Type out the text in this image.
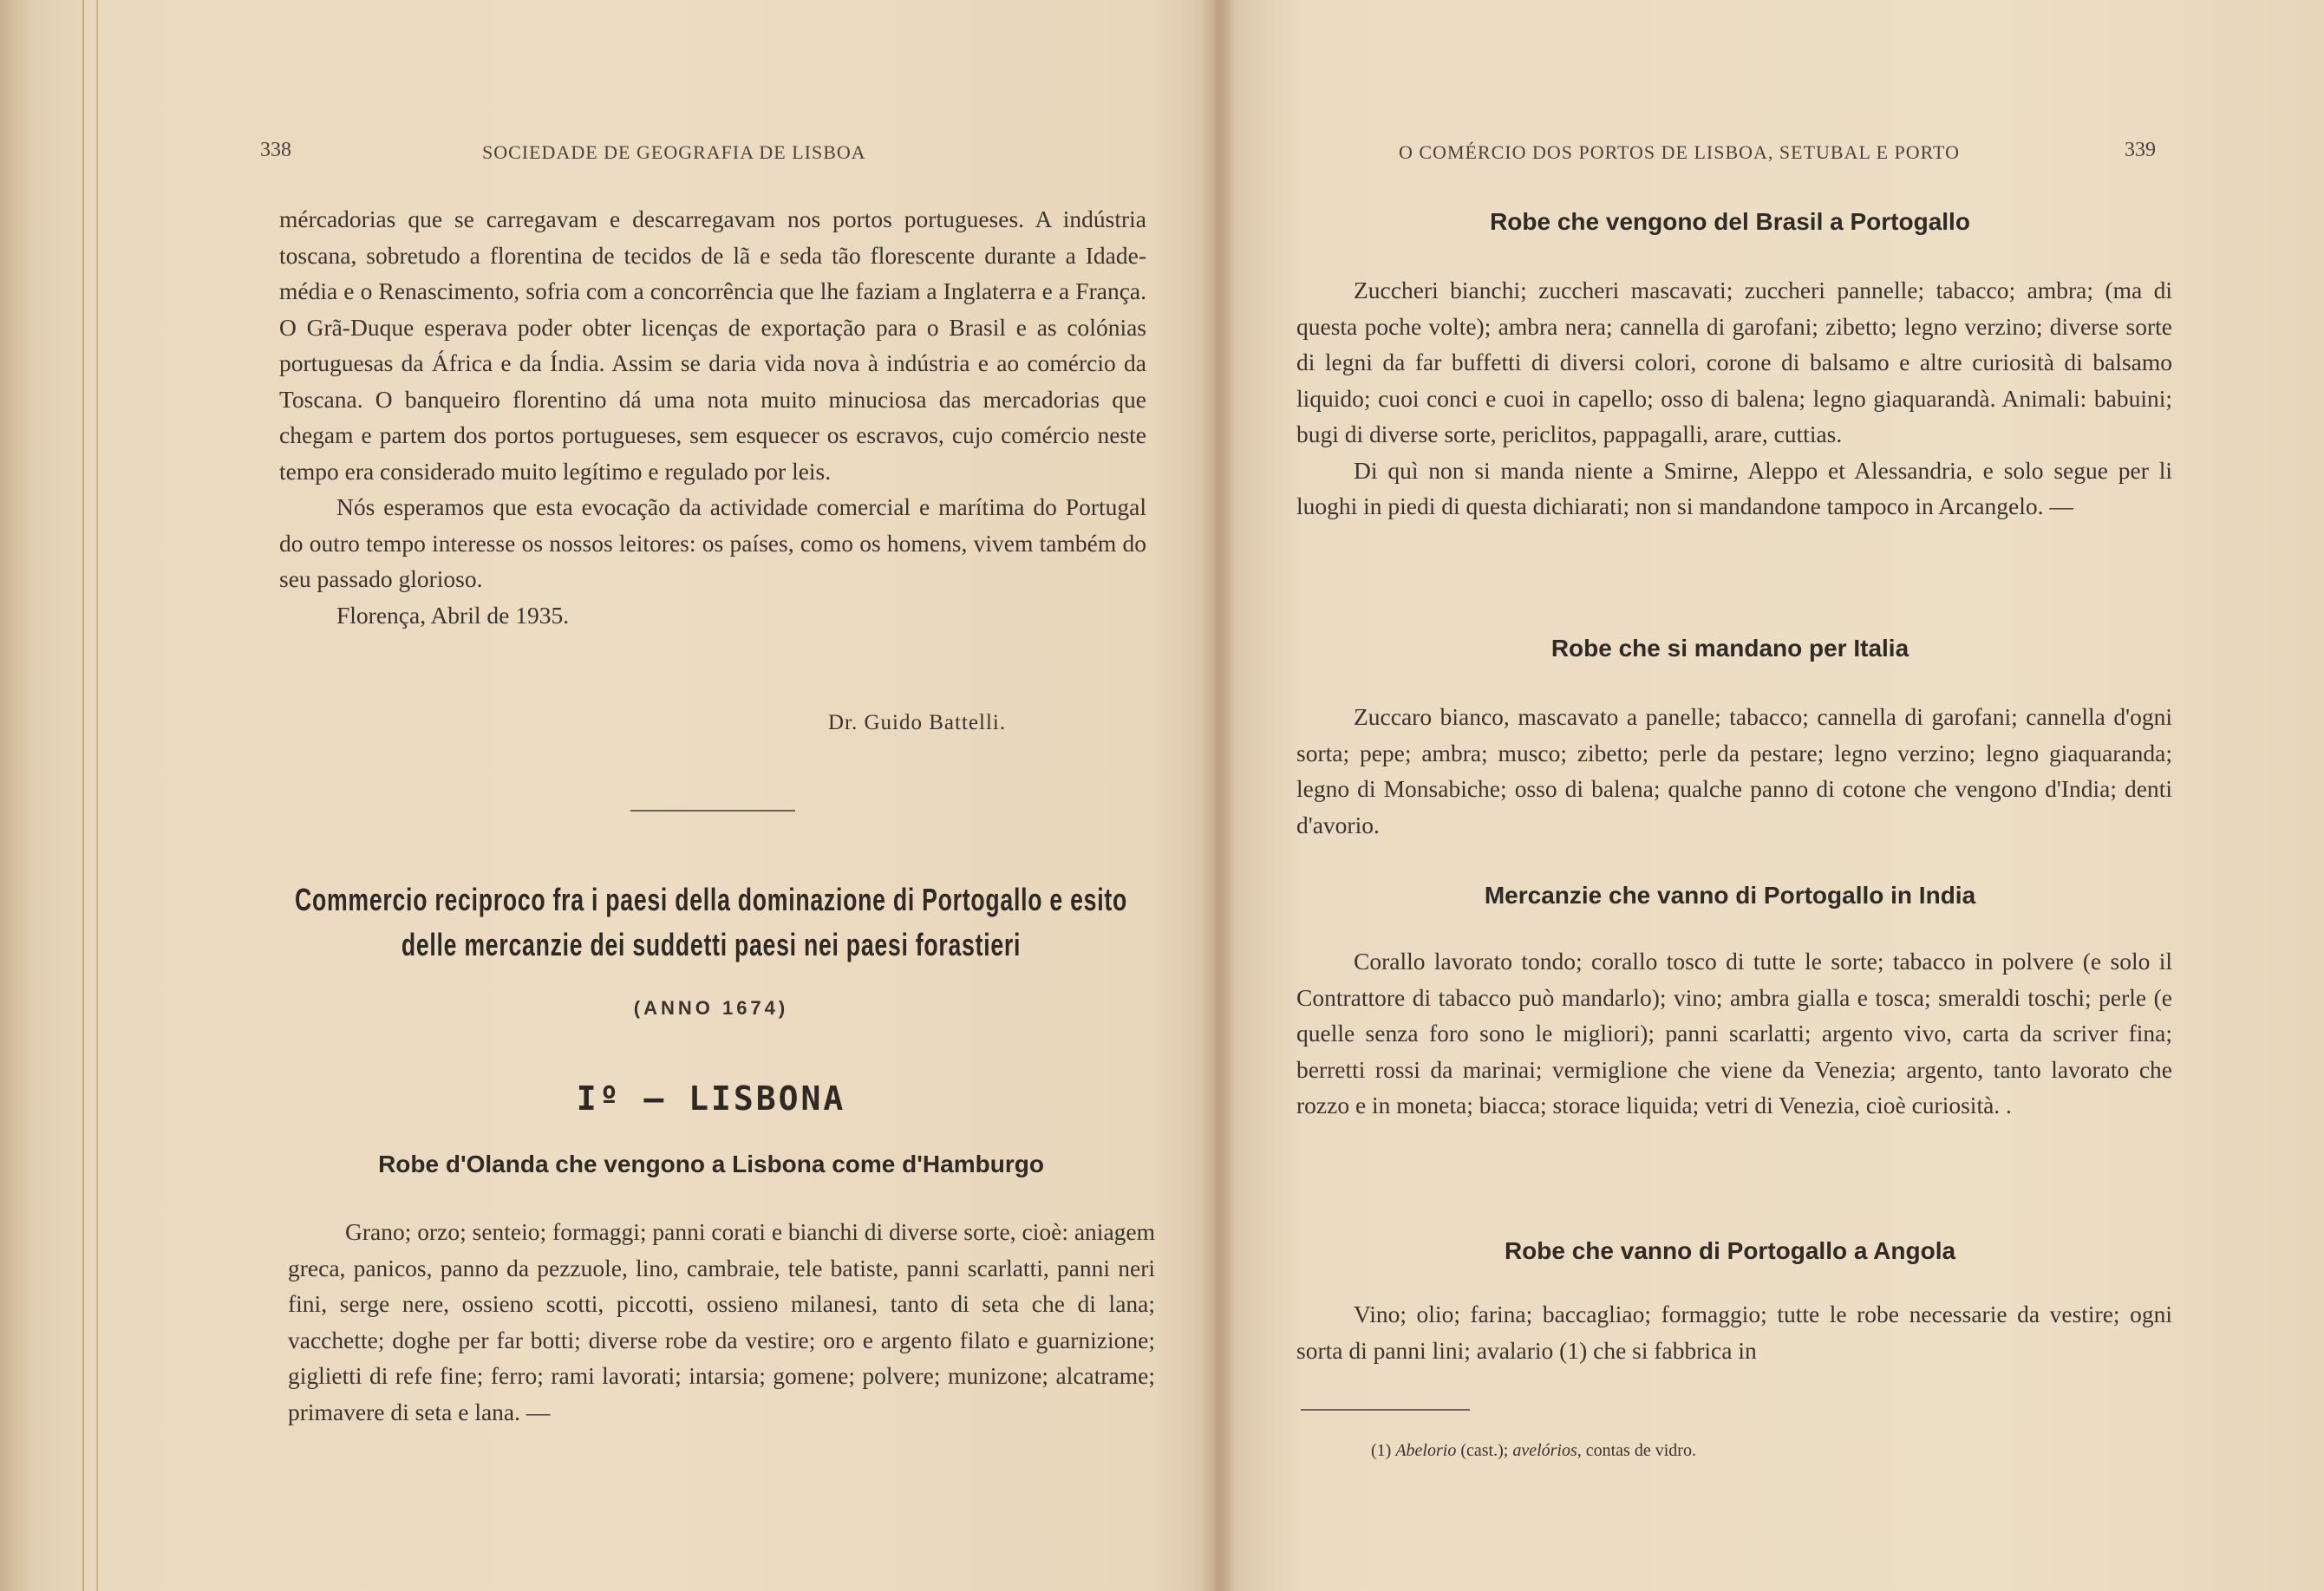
338	SOCIEDADE DE GEOGRAFIA DE LISBOA

mércadorias que se carregavam e descarregavam nos portos portugueses. A indústria toscana, sobretudo a florentina de tecidos de lã e seda tão florescente durante a Idade-média e o Renascimento, sofria com a concorrência que lhe faziam a Inglaterra e a França. O Grã-Duque esperava poder obter licenças de exportação para o Brasil e as colónias portuguesas da África e da Índia. Assim se daria vida nova à indústria e ao comércio da Toscana. O banqueiro florentino dá uma nota muito minuciosa das mercadorias que chegam e partem dos portos portugueses, sem esquecer os escravos, cujo comércio neste tempo era considerado muito legítimo e regulado por leis.

Nós esperamos que esta evocação da actividade comercial e marítima do Portugal do outro tempo interesse os nossos leitores: os países, como os homens, vivem também do seu passado glorioso.

Florença, Abril de 1935.

Dr. Guido Battelli.
Commercio reciproco fra i paesi della dominazione di Portogallo e esito
delle mercanzie dei suddetti paesi nei paesi forastieri
(ANNO 1674)
Iº — LISBONA
Robe d'Olanda che vengono a Lisbona come d'Hamburgo

Grano; orzo; senteio; formaggi; panni corati e bianchi di diverse sorte, cioè: aniagem greca, panicos, panno da pezzuole, lino, cambraie, tele batiste, panni scarlatti, panni neri fini, serge nere, ossieno scotti, piccotti, ossieno milanesi, tanto di seta che di lana; vacchette; doghe per far botti; diverse robe da vestire; oro e argento filato e guarnizione; giglietti di refe fine; ferro; rami lavorati; intarsia; gomene; polvere; munizone; alcatrame; primavere di seta e lana. —

O COMÉRCIO DOS PORTOS DE LISBOA, SETUBAL E PORTO	339
Robe che vengono del Brasil a Portogallo

Zuccheri bianchi; zuccheri mascavati; zuccheri pannelle; tabacco; ambra; (ma di questa poche volte); ambra nera; cannella di garofani; zibetto; legno verzino; diverse sorte di legni da far buffetti di diversi colori, corone di balsamo e altre curiosità di balsamo liquido; cuoi conci e cuoi in capello; osso di balena; legno giaquarandà. Animali: babuini; bugi di diverse sorte, periclitos, pappagalli, arare, cuttias.

Di quì non si manda niente a Smirne, Aleppo et Alessandria, e solo segue per li luoghi in piedi di questa dichiarati; non si mandandone tampoco in Arcangelo. —

Robe che si mandano per Italia

Zuccaro bianco, mascavato a panelle; tabacco; cannella di garofani; cannella d'ogni sorta; pepe; ambra; musco; zibetto; perle da pestare; legno verzino; legno giaquaranda; legno di Monsabiche; osso di balena; qualche panno di cotone che vengono d'India; denti d'avorio.

Mercanzie che vanno di Portogallo in India

Corallo lavorato tondo; corallo tosco di tutte le sorte; tabacco in polvere (e solo il Contrattore di tabacco può mandarlo); vino; ambra gialla e tosca; smeraldi toschi; perle (e quelle senza foro sono le migliori); panni scarlatti; argento vivo, carta da scriver fina; berretti rossi da marinai; vermiglione che viene da Venezia; argento, tanto lavorato che rozzo e in moneta; biacca; storace liquida; vetri di Venezia, cioè curiosità. .

Robe che vanno di Portogallo a Angola

Vino; olio; farina; baccagliao; formaggio; tutte le robe necessarie da vestire; ogni sorta di panni lini; avalario (1) che si fabbrica in

(1) Abelorio (cast.); avelórios, contas de vidro.
